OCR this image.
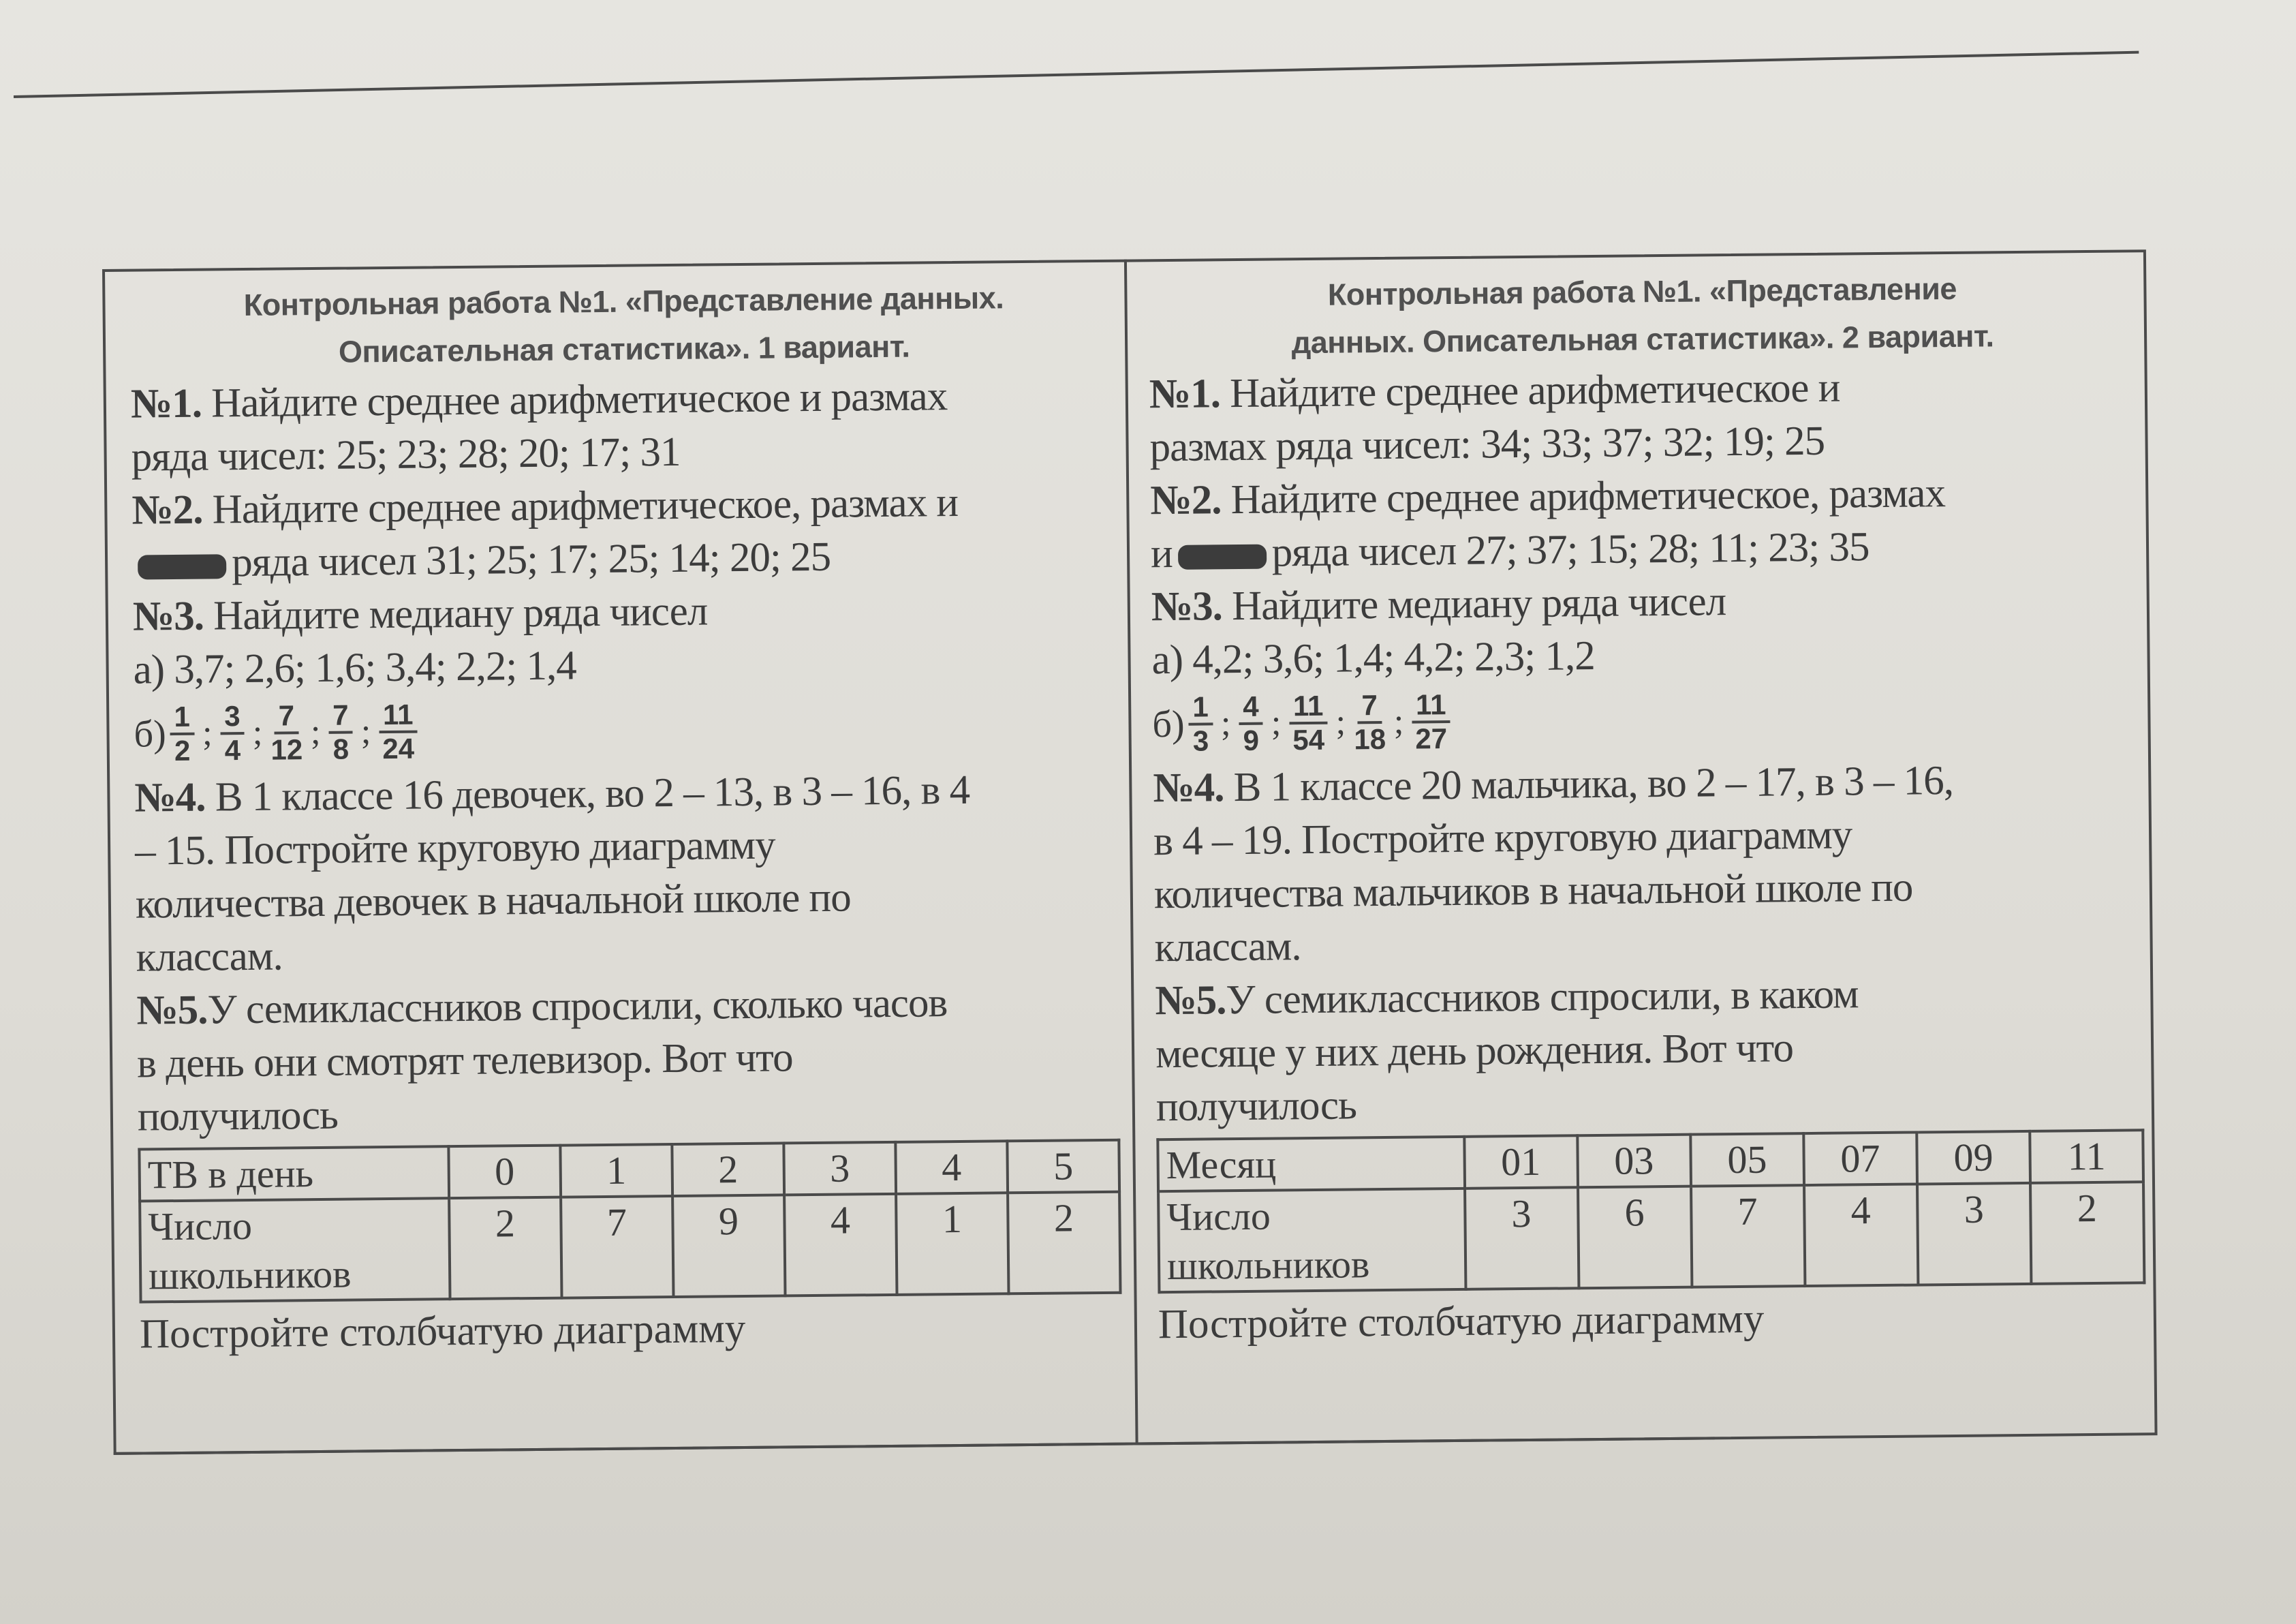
Контрольная работа №1. «Представление данных.
Описательная статистика». 1 вариант.
№1. Найдите среднее арифметическое и размах
ряда чисел: 25; 23; 28; 20; 17; 31
№2. Найдите среднее арифметическое, размах и
ряда чисел 31; 25; 17; 25; 14; 20; 25
№3. Найдите медиану ряда чисел
а) 3,7; 2,6; 1,6; 3,4; 2,2; 1,4
$б) \frac{1}{2}$ ; $\frac{3}{4}$ ; $\frac{7}{12}$ ; $\frac{7}{8}$ ; $\frac{11}{24}$
№4. В 1 классе 16 девочек, во 2 – 13, в 3 – 16, в 4
– 15. Постройте круговую диаграмму
количества девочек в начальной школе по
классам.
№5.У семиклассников спросили, сколько часов
в день они смотрят телевизор. Вот что
получилось
ТВ в день	0	1	2	3	4	5

Число
школьников	2	7	9	4	1	2
Постройте столбчатую диаграмму
Контрольная работа №1. «Представление
данных. Описательная статистика». 2 вариант.
№1. Найдите среднее арифметическое и
размах ряда чисел: 34; 33; 37; 32; 19; 25
№2. Найдите среднее арифметическое, размах
и ряда чисел 27; 37; 15; 28; 11; 23; 35
№3. Найдите медиану ряда чисел
а) 4,2; 3,6; 1,4; 4,2; 2,3; 1,2
$б) \frac{1}{3}$ ; $\frac{4}{9}$ ; $\frac{11}{54}$ ; $\frac{7}{18}$ ; $\frac{11}{27}$
№4. В 1 классе 20 мальчика, во 2 – 17, в 3 – 16,
в 4 – 19. Постройте круговую диаграмму
количества мальчиков в начальной школе по
классам.
№5.У семиклассников спросили, в каком
месяце у них день рождения. Вот что
получилось
Месяц	01	03	05	07	09	11

Число
школьников	3	6	7	4	3	2
Постройте столбчатую диаграмму
